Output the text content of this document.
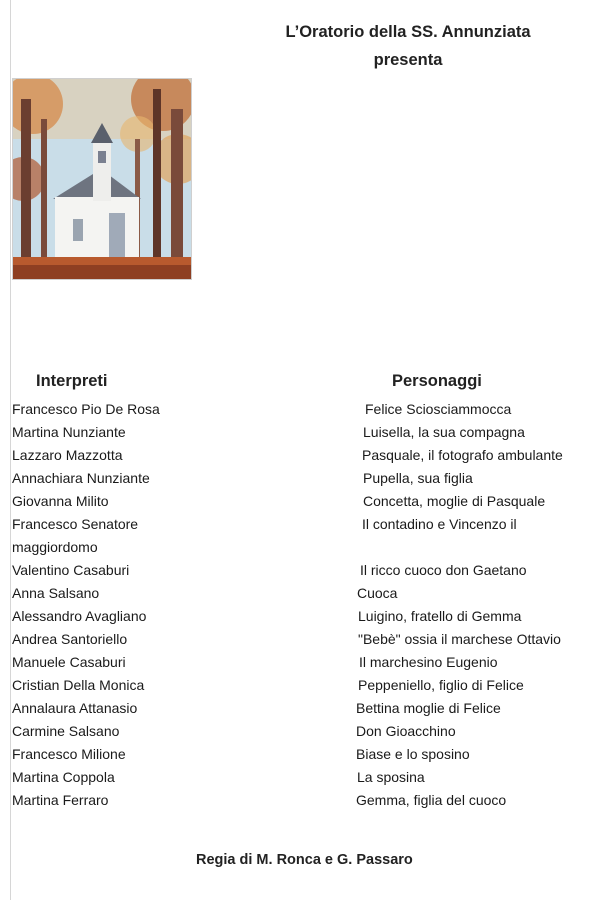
L’Oratorio della SS. Annunziata
presenta
Interpreti	Personaggi
Francesco Pio De Rosa	Felice Sciosciammocca
Martina Nunziante	Luisella, la sua compagna
Lazzaro Mazzotta	Pasquale, il fotografo ambulante
Annachiara Nunziante	Pupella, sua figlia
Giovanna Milito	Concetta, moglie di Pasquale
Francesco Senatore	Il contadino e Vincenzo il
maggiordomo
Valentino Casaburi	Il ricco cuoco don Gaetano
Anna Salsano	Cuoca
Alessandro Avagliano	Luigino, fratello di Gemma
Andrea Santoriello	"Bebè" ossia il marchese Ottavio
Manuele Casaburi	Il marchesino Eugenio
Cristian Della Monica	Peppeniello, figlio di Felice
Annalaura Attanasio	Bettina moglie di Felice
Carmine Salsano	Don Gioacchino
Francesco Milione	Biase e lo sposino
Martina Coppola	La sposina
Martina Ferraro	Gemma, figlia del cuoco
Regia di M. Ronca e G. Passaro
